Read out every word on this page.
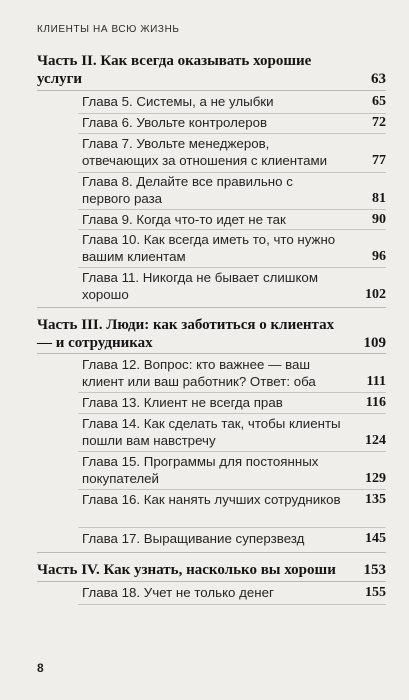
КЛИЕНТЫ НА ВСЮ ЖИЗНЬ
Часть II. Как всегда оказывать хорошие услуги	63
Глава 5. Системы, а не улыбки	65
Глава 6. Увольте контролеров	72
Глава 7. Увольте менеджеров, отвечающих за отношения с клиентами	77
Глава 8. Делайте все правильно с первого раза	81
Глава 9. Когда что-то идет не так	90
Глава 10. Как всегда иметь то, что нужно вашим клиентам	96
Глава 11. Никогда не бывает слишком хорошо	102
Часть III. Люди: как заботиться о клиентах — и сотрудниках	109
Глава 12. Вопрос: кто важнее — ваш клиент или ваш работник? Ответ: оба	111
Глава 13. Клиент не всегда прав	116
Глава 14. Как сделать так, чтобы клиенты пошли вам навстречу	124
Глава 15. Программы для постоянных покупателей	129
Глава 16. Как нанять лучших сотрудников 135
Глава 17. Выращивание суперзвезд	145
Часть IV. Как узнать, насколько вы хороши	153
Глава 18. Учет не только денег	155
8
